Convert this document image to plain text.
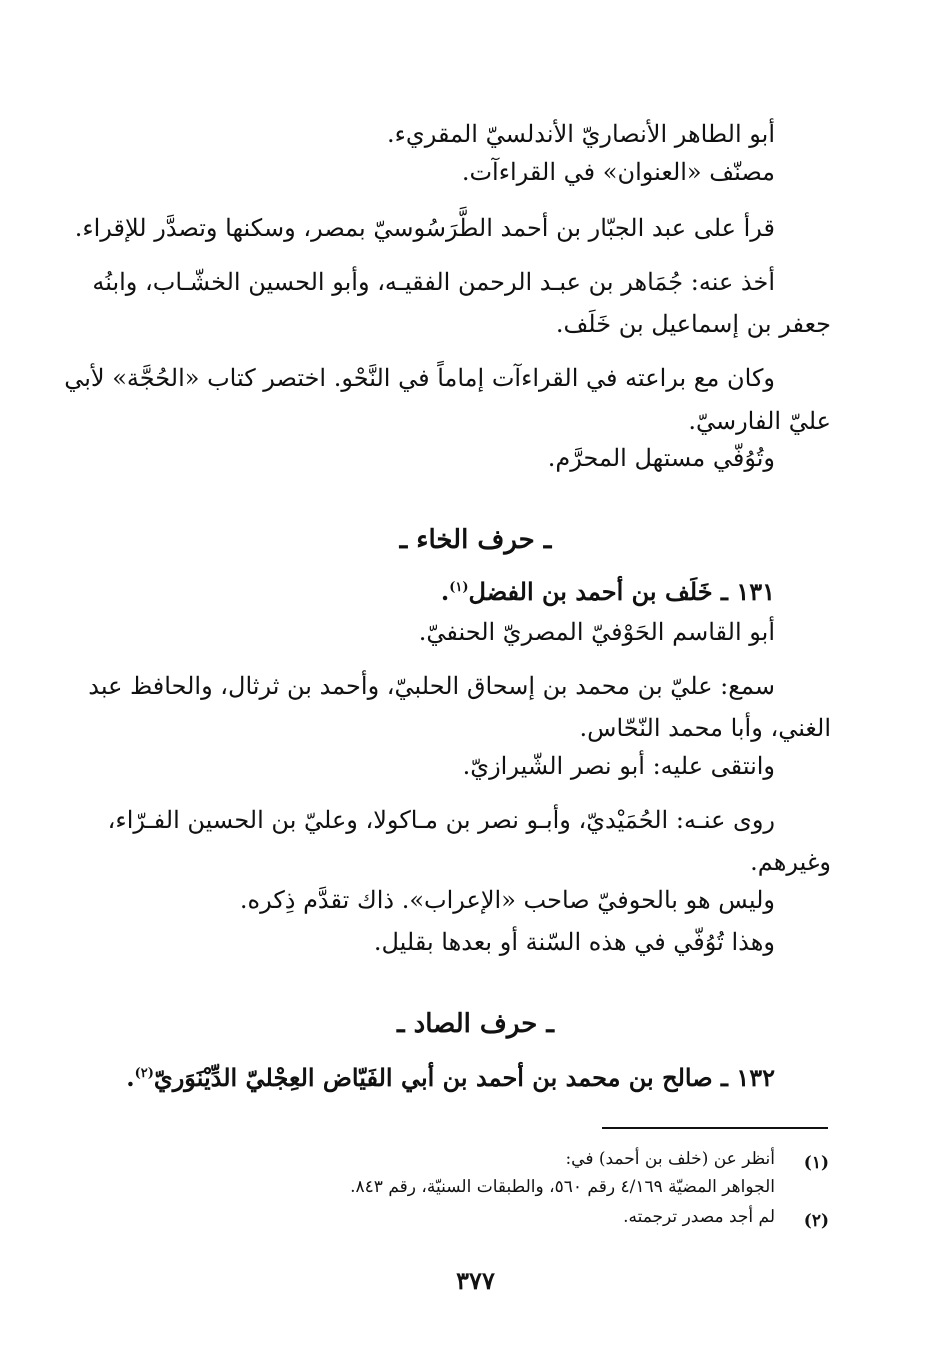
أبو الطاهر الأنصاريّ الأندلسيّ المقريء.
مصنّف «العنوان» في القراءآت.
قرأ على عبد الجبّار بن أحمد الطَّرَسُوسيّ بمصر، وسكنها وتصدَّر للإقراء.
أخذ عنه: جُمَاهر بن عبـد الرحمن الفقيـه، وأبو الحسين الخشّـاب، وابنُه
جعفر بن إسماعيل بن خَلَف.
وكان مع براعته في القراءآت إماماً في النَّحْو. اختصر كتاب «الحُجَّة» لأبي
عليّ الفارسيّ.
وتُوُفّي مستهل المحرَّم.
ـ حرف الخاء ـ
١٣١ ـ خَلَف بن أحمد بن الفضل$^{(١)}$.
أبو القاسم الحَوْفيّ المصريّ الحنفيّ.
سمع: عليّ بن محمد بن إسحاق الحلبيّ، وأحمد بن ثرثال، والحافظ عبد
الغني، وأبا محمد النّحّاس.
وانتقى عليه: أبو نصر الشّيرازيّ.
روى عنـه: الحُمَيْديّ، وأبـو نصر بن مـاكولا، وعليّ بن الحسين الفـرّاء،
وغيرهم.
وليس هو بالحوفيّ صاحب «الإعراب». ذاك تقدَّم ذِكره.
وهذا تُوُفّي في هذه السّنة أو بعدها بقليل.
ـ حرف الصاد ـ
١٣٢ ـ صالح بن محمد بن أحمد بن أبي الفَيّاض العِجْليّ الدِّيْنَوَريّ$^{(٢)}$.
(١)
أنظر عن (خلف بن أحمد) في:
الجواهر المضيّة ٤/١٦٩ رقم ٥٦٠، والطبقات السنيّة، رقم ٨٤٣.
(٢)
لم أجد مصدر ترجمته.
٣٧٧
